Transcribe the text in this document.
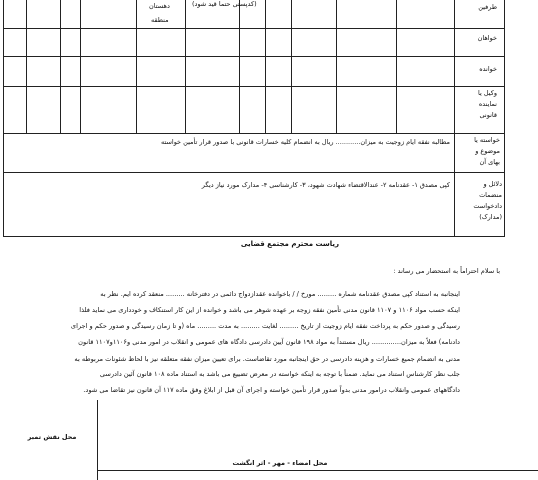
(کدپستی حتما قید شود)
دهستان
منطقه
طرفین
خواهان
خوانده
وکیل یا
نماینده
قانونی
خواسته یا
موضوع و
بهای آن
دلائل و
منضمات
دادخواست
(مدارک)
مطالبه نفقه ایام زوجیت به میزان............ ریال به انضمام کلیه خسارات قانونی با صدور قرار تأمین خواسته
کپی مصدق ۱- عقدنامه ۲- عندالاقتضاء شهادت شهود، ۳- کارشناسی ۴- مدارک مورد نیاز دیگر
ریاست محترم مجتمع قضایی
با سلام احتراماً به استحضار می رساند :
اینجانبه به استناد کپی مصدق عقدنامه شماره ......... مورخ / / باخوانده عقدازدواج دائمی در دفترخانه ......... منعقد کرده ایم. نظر به
اینکه حسب مواد ۱۱۰۶ و ۱۱۰۷ قانون مدنی تأمین نفقه زوجه بر عهده شوهر می باشد و خوانده از این کار استنکاف و خودداری می نماید فلذا
رسیدگی و صدور حکم به پرداخت نفقه ایام زوجیت از تاریخ ......... لغایت ......... به مدت ......... ماه (و تا زمان رسیدگی و صدور حکم و اجرای
دادنامه) فعلاً به میزان.............. ریال مستنداً به مواد ۱۹۸ قانون آیین دادرسی دادگاه های عمومی و انقلاب در امور مدنی و۱۱۰۶و۱۱۰۷ قانون
مدنی به انضمام جمیع خسارات و هزینه دادرسی در حق اینجانبه مورد تقاضاست. برای تعیین میزان نفقه متعلقه نیز با لحاظ شئونات مربوطه به
جلب نظر کارشناس استناد می نماید. ضمناً با توجه به اینکه خواسته در معرض تضییع می باشد به استناد ماده ۱۰۸ قانون آئین دادرسی
دادگاههای عمومی وانقلاب درامور مدنی بدواً صدور قرار تأمین خواسته و اجرای آن قبل از ابلاغ وفق ماده ۱۱۷ آن قانون نیز تقاضا می شود.
محل نقش تمبر
محل امضاء - مهر - اثر انگشت
